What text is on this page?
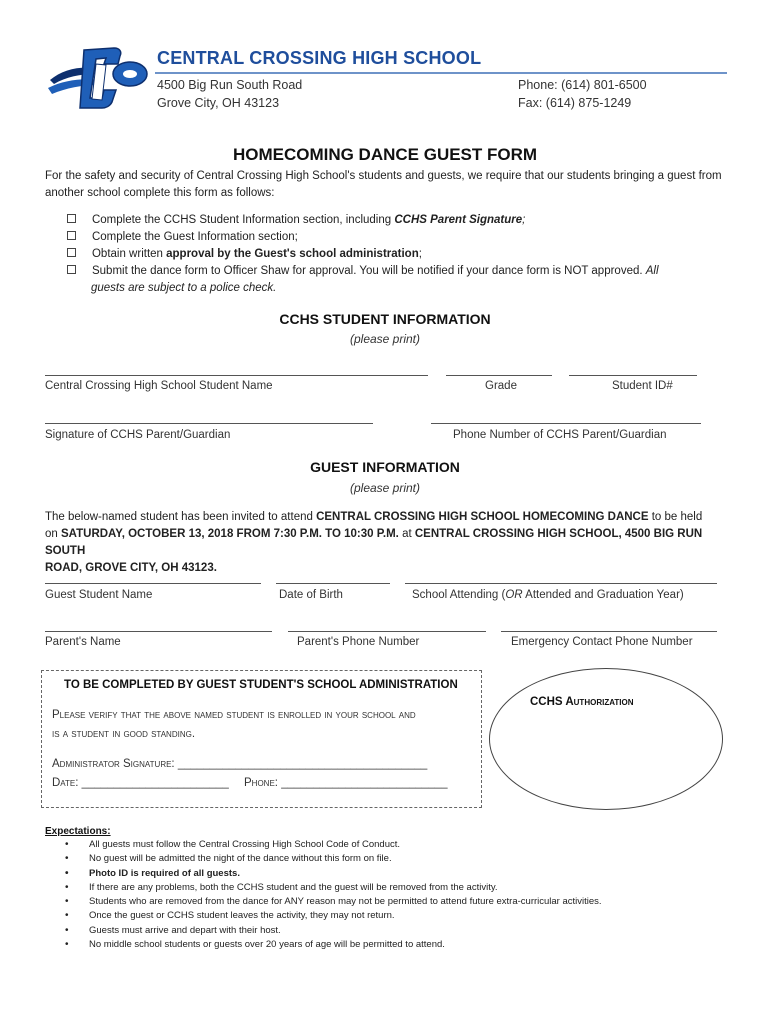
CENTRAL CROSSING HIGH SCHOOL
4500 Big Run South Road
Grove City, OH 43123
Phone: (614) 801-6500
Fax: (614) 875-1249
HOMECOMING DANCE GUEST FORM
For the safety and security of Central Crossing High School's students and guests, we require that our students bringing a guest from another school complete this form as follows:
Complete the CCHS Student Information section, including CCHS Parent Signature;
Complete the Guest Information section;
Obtain written approval by the Guest's school administration;
Submit the dance form to Officer Shaw for approval. You will be notified if your dance form is NOT approved. All
guests are subject to a police check.
CCHS STUDENT INFORMATION
(please print)
Central Crossing High School Student Name	Grade	Student ID#
Signature of CCHS Parent/Guardian	Phone Number of CCHS Parent/Guardian
GUEST INFORMATION
(please print)
The below-named student has been invited to attend CENTRAL CROSSING HIGH SCHOOL HOMECOMING DANCE to be held
on SATURDAY, OCTOBER 13, 2018 FROM 7:30 P.M. TO 10:30 P.M. at CENTRAL CROSSING HIGH SCHOOL, 4500 BIG RUN SOUTH
ROAD, GROVE CITY, OH 43123.
Guest Student Name	Date of Birth	School Attending (OR Attended and Graduation Year)
Parent's Name	Parent's Phone Number	Emergency Contact Phone Number
TO BE COMPLETED BY GUEST STUDENT'S SCHOOL ADMINISTRATION
Please verify that the above named student is enrolled in your school and
is a student in good standing.
Administrator Signature: _______________________________________
Date: _______________________ Phone: __________________________
CCHS Authorization
Expectations:
• All guests must follow the Central Crossing High School Code of Conduct.
• No guest will be admitted the night of the dance without this form on file.
• Photo ID is required of all guests.
• If there are any problems, both the CCHS student and the guest will be removed from the activity.
• Students who are removed from the dance for ANY reason may not be permitted to attend future extra-curricular activities.
• Once the guest or CCHS student leaves the activity, they may not return.
• Guests must arrive and depart with their host.
• No middle school students or guests over 20 years of age will be permitted to attend.
